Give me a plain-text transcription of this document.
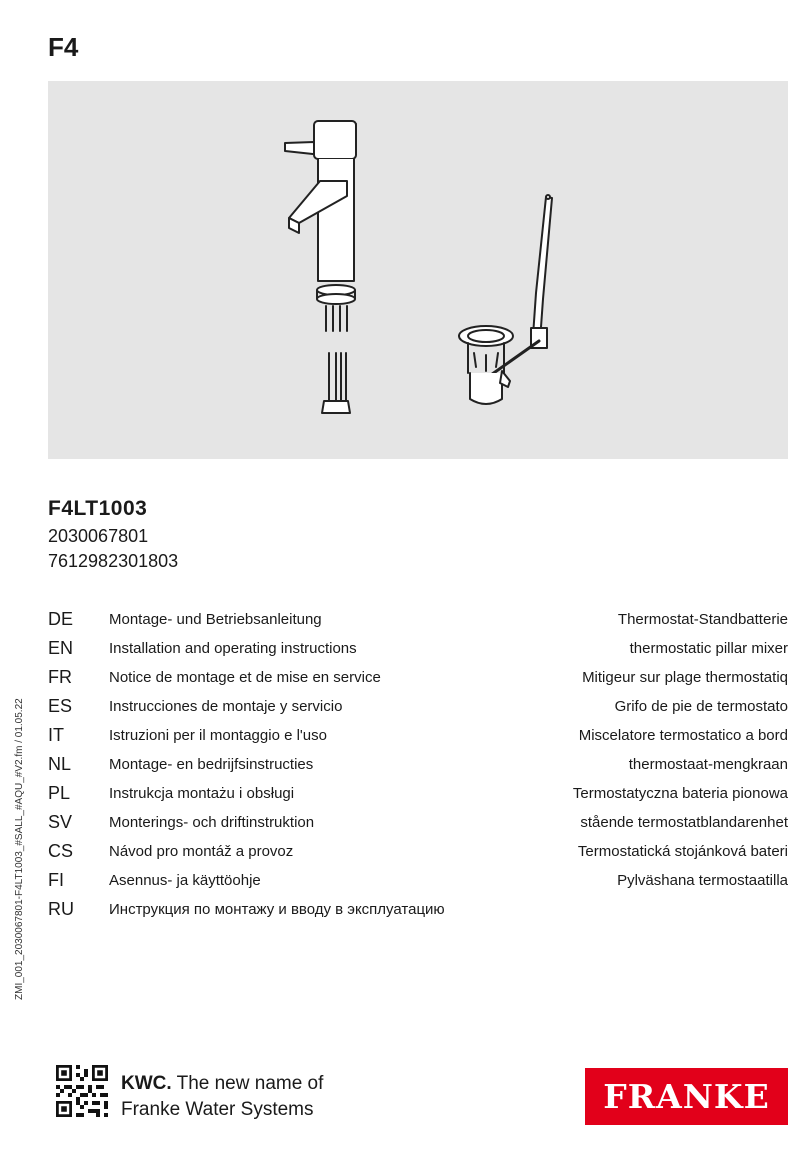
F4
F4LT1003
2030067801
7612982301803
DE Montage- und Betriebsanleitung	Thermostat-Standbatterie
EN Installation and operating instructions	thermostatic pillar mixer
FR Notice de montage et de mise en service	Mitigeur sur plage thermostatiq
ES Instrucciones de montaje y servicio	Grifo de pie de termostato
IT	Istruzioni per il montaggio e l'uso	Miscelatore termostatico a bord
NL	Montage- en bedrijfsinstructies	thermostaat-mengkraan
PL	Instrukcja montażu i obsługi	Termostatyczna bateria pionowa
SV Monterings- och driftinstruktion	stående termostatblandarenhet
CS Návod pro montáž a provoz	Termostatická stojánková bateri
FI	Asennus- ja käyttöohje	Pylväshana termostaatilla
RU Инструкция по монтажу и вводу в эксплуатацию
ZMI_001_2030067801-F4LT1003_#SALL_#AQU_#V2.fm / 01.05.22
KWC. The new name of
Franke Water Systems	FRANKE
